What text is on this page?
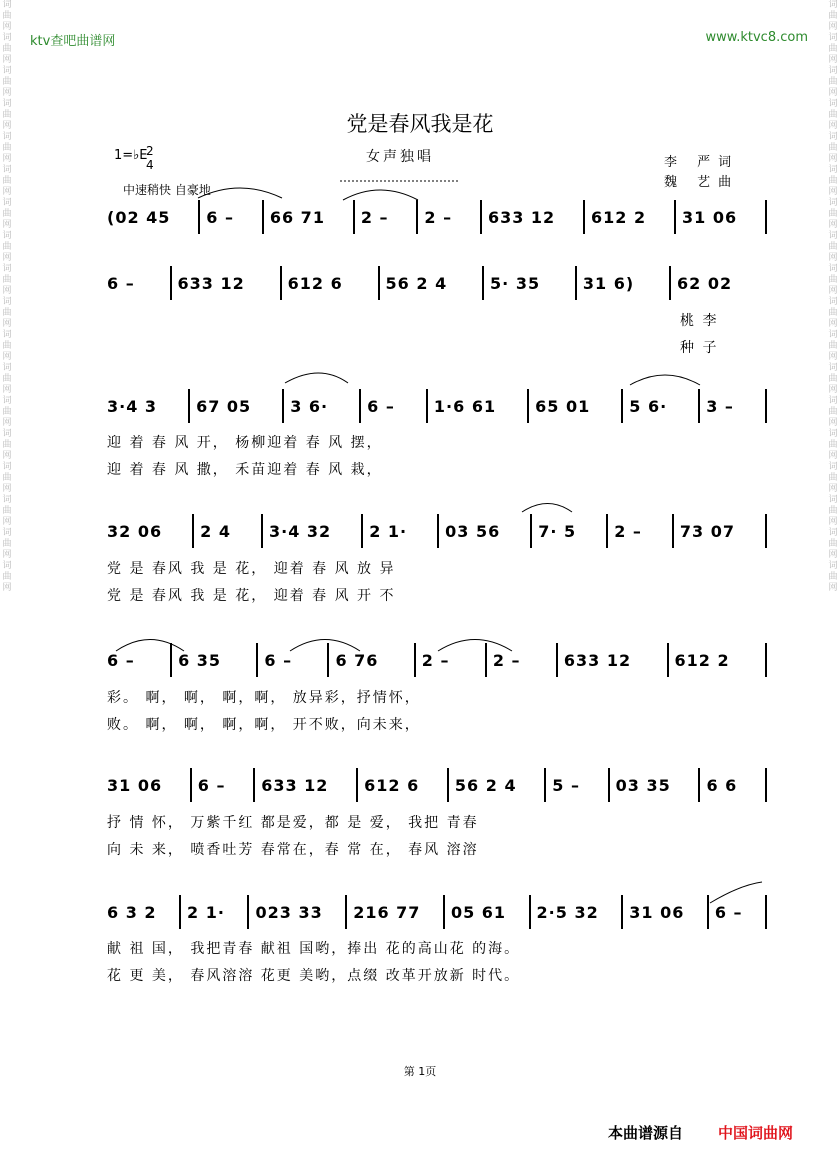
词
曲
网
词
曲
网
词
曲
网
词
曲
网
词
曲
网
词
曲
网
词
曲
网
词
曲
网
词
曲
网
词
曲
网
词
曲
网
词
曲
网
词
曲
网
词
曲
网
词
曲
网
词
曲
网
词
曲
网
词
曲
网
词
曲
网
词
曲
网
词
曲
网
词
曲
网
词
曲
网
词
曲
网
词
曲
网
词
曲
网
词
曲
网
词
曲
网
词
曲
网
词
曲
网
词
曲
网
词
曲
网
词
曲
网
词
曲
网
词
曲
网
词
曲
网
ktv查吧曲谱网	www.ktvc8.com
党是春风我是花
1=♭E
2
4	女声独唱
中速稍快 自豪地
李 严词
魏 艺曲
(02 45	6 –	66 71	2 –	2 –	633 12	612 2	31 06
6 –	633 12	612 6	56 2 4	5· 35	31 6)	62 02
桃 李
种 子
3·4 3	67 05	3 6·	6 –	1·6 61	65 01	5 6·	3 –
迎 着 春 风 开， 杨柳迎着 春 风 摆，
迎 着 春 风 撒， 禾苗迎着 春 风 栽，
32 06	2 4	3·4 32	2 1·	03 56	7· 5	2 –	73 07
党 是 春风 我 是 花， 迎着 春 风 放 异
党 是 春风 我 是 花， 迎着 春 风 开 不
6 –	6 35	6 –	6 76	2 –	2 –	633 12	612 2
彩。 啊， 啊， 啊，啊， 放异彩，抒情怀，
败。 啊， 啊， 啊，啊， 开不败，向未来，
31 06	6 –	633 12	612 6	56 2 4	5 –	03 35	6 6
抒 情 怀， 万紫千红 都是爱，都 是 爱， 我把 青春
向 未 来， 喷香吐芳 春常在，春 常 在， 春风 溶溶
6 3 2	2 1·	023 33	216 77	05 61	2·5 32	31 06	6 –
献 祖 国， 我把青春 献祖 国哟，捧出 花的高山花 的海。
花 更 美， 春风溶溶 花更 美哟，点缀 改革开放新 时代。
第 1页
本曲谱源自 中国词曲网
